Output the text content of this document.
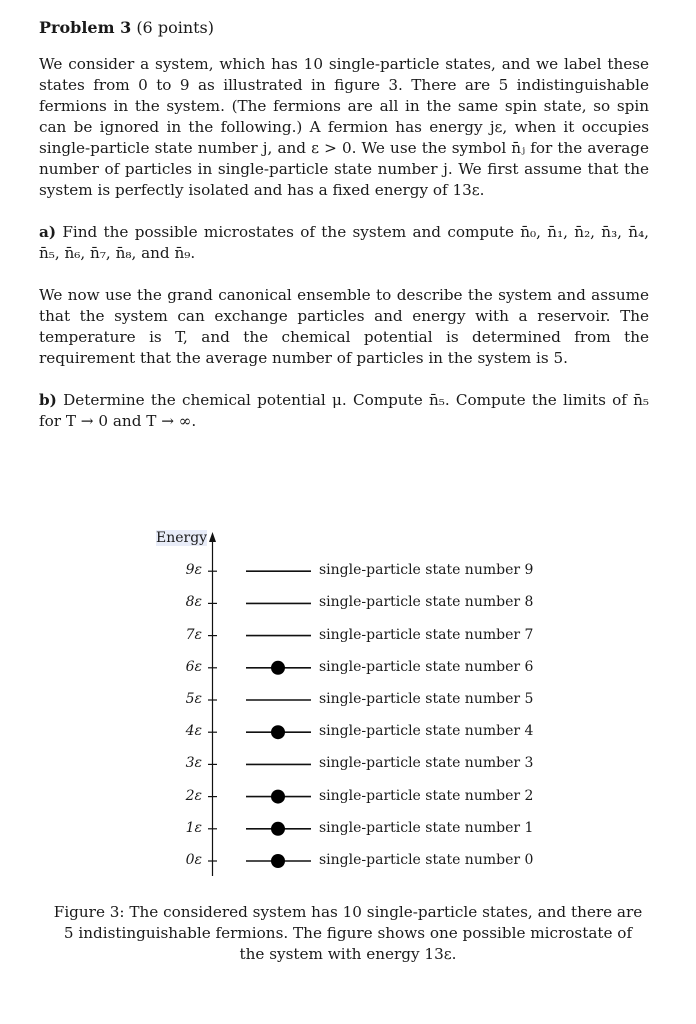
Problem 3 (6 points)

We consider a system, which has 10 single-particle states, and we label these states from 0 to 9 as illustrated in figure 3. There are 5 indistinguishable fermions in the system. (The fermions are all in the same spin state, so spin can be ignored in the following.) A fermion has energy jε, when it occupies single-particle state number j, and ε > 0. We use the symbol n̄ⱼ for the average number of particles in single-particle state number j. We first assume that the system is perfectly isolated and has a fixed energy of 13ε.

a) Find the possible microstates of the system and compute n̄₀, n̄₁, n̄₂, n̄₃, n̄₄, n̄₅, n̄₆, n̄₇, n̄₈, and n̄₉.

We now use the grand canonical ensemble to describe the system and assume that the system can exchange particles and energy with a reservoir. The temperature is T, and the chemical potential is determined from the requirement that the average number of particles in the system is 5.

b) Determine the chemical potential μ. Compute n̄₅. Compute the limits of n̄₅ for T → 0 and T → ∞.

Energy
0ε	single-particle state number 0
1ε	single-particle state number 1
2ε	single-particle state number 2
3ε	single-particle state number 3
4ε	single-particle state number 4
5ε	single-particle state number 5
6ε	single-particle state number 6
7ε	single-particle state number 7
8ε	single-particle state number 8
9ε	single-particle state number 9
Figure 3: The considered system has 10 single-particle states, and there are 5 indistinguishable fermions. The figure shows one possible microstate of the system with energy 13ε.
